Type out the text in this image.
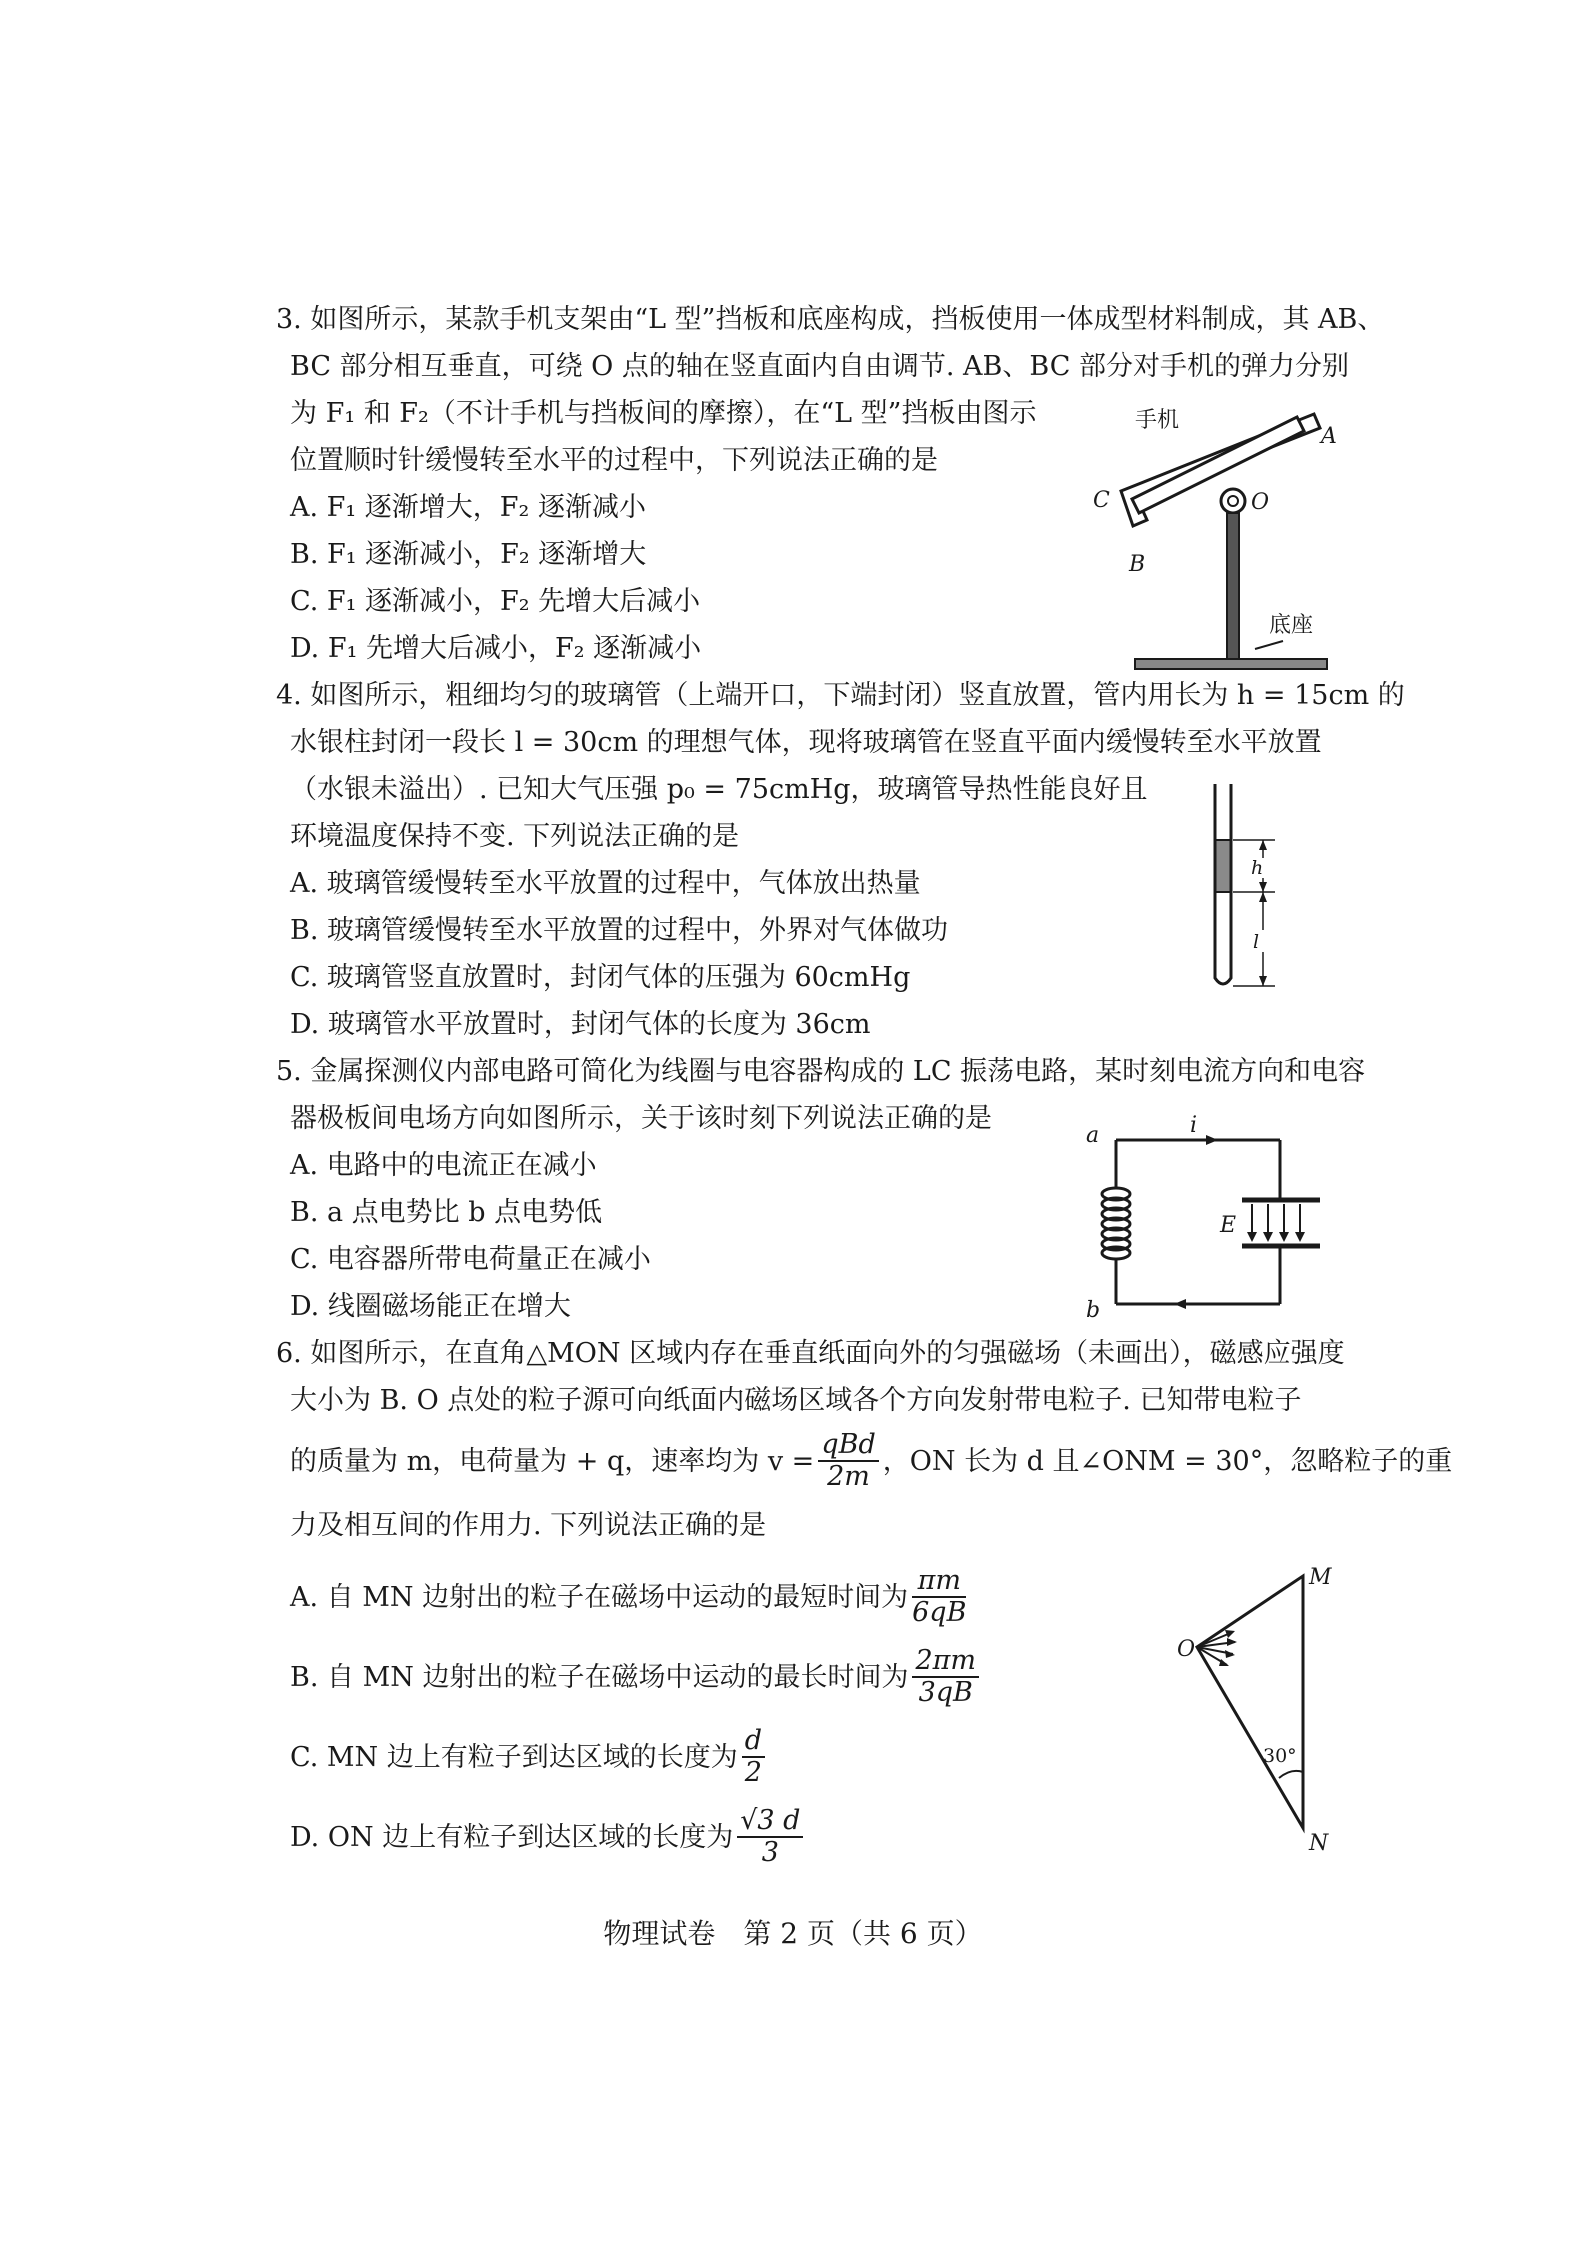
3. 如图所示，某款手机支架由“L 型”挡板和底座构成，挡板使用一体成型材料制成，其 AB、
BC 部分相互垂直，可绕 O 点的轴在竖直面内自由调节. AB、BC 部分对手机的弹力分别
为 F₁ 和 F₂（不计手机与挡板间的摩擦），在“L 型”挡板由图示
位置顺时针缓慢转至水平的过程中，下列说法正确的是
A. F₁ 逐渐增大，F₂ 逐渐减小
B. F₁ 逐渐减小，F₂ 逐渐增大
C. F₁ 逐渐减小，F₂ 先增大后减小
D. F₁ 先增大后减小，F₂ 逐渐减小
手机
A
C	O
B
底座
4. 如图所示，粗细均匀的玻璃管（上端开口，下端封闭）竖直放置，管内用长为 h = 15cm 的
水银柱封闭一段长 l = 30cm 的理想气体，现将玻璃管在竖直平面内缓慢转至水平放置
（水银未溢出）. 已知大气压强 p₀ = 75cmHg，玻璃管导热性能良好且
环境温度保持不变. 下列说法正确的是
A. 玻璃管缓慢转至水平放置的过程中，气体放出热量
B. 玻璃管缓慢转至水平放置的过程中，外界对气体做功
C. 玻璃管竖直放置时，封闭气体的压强为 60cmHg
D. 玻璃管水平放置时，封闭气体的长度为 36cm
h
l
5. 金属探测仪内部电路可简化为线圈与电容器构成的 LC 振荡电路，某时刻电流方向和电容
器极板间电场方向如图所示，关于该时刻下列说法正确的是
A. 电路中的电流正在减小
B. a 点电势比 b 点电势低
C. 电容器所带电荷量正在减小
D. 线圈磁场能正在增大
a
b
i
E
6. 如图所示，在直角△MON 区域内存在垂直纸面向外的匀强磁场（未画出），磁感应强度
大小为 B. O 点处的粒子源可向纸面内磁场区域各个方向发射带电粒子. 已知带电粒子
的质量为 m，电荷量为 + q，速率均为 $v = \frac{\text{qBd}}{2m}$ ，ON 长为 d 且∠ONM = 30°，忽略粒子的重
力及相互间的作用力. 下列说法正确的是
A. 自 MN 边射出的粒子在磁场中运动的最短时间为 $\frac{\pi m}{6qB}$
B. 自 MN 边射出的粒子在磁场中运动的最长时间为 $\frac{2\pi m}{3qB}$
C. MN 边上有粒子到达区域的长度为 $\frac{d}{2}$
D. ON 边上有粒子到达区域的长度为 $\frac{√3 d}{3}$
O
M
N
30°
物理试卷　第 2 页（共 6 页）
